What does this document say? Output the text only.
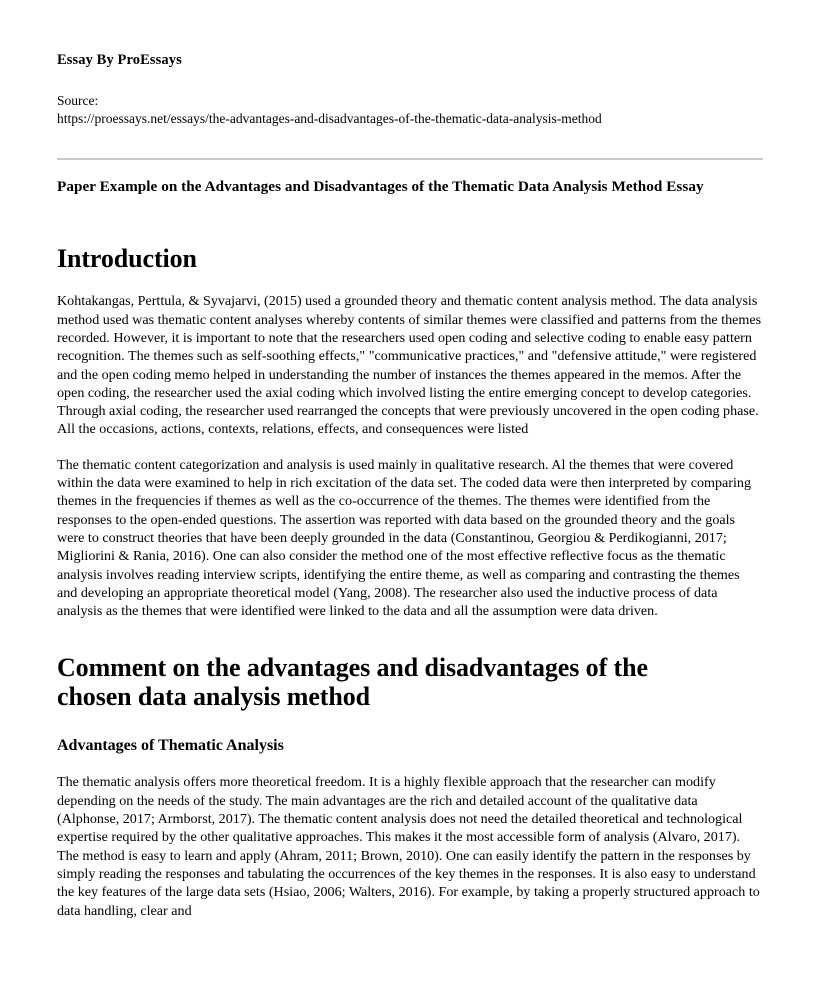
Essay By ProEssays
Source:
https://proessays.net/essays/the-advantages-and-disadvantages-of-the-thematic-data-analysis-method
Paper Example on the Advantages and Disadvantages of the Thematic Data Analysis Method Essay
Introduction

Kohtakangas, Perttula, & Syvajarvi, (2015) used a grounded theory and thematic content analysis method. The data analysis method used was thematic content analyses whereby contents of similar themes were classified and patterns from the themes recorded. However, it is important to note that the researchers used open coding and selective coding to enable easy pattern recognition. The themes such as self-soothing effects," "communicative practices," and "defensive attitude," were registered and the open coding memo helped in understanding the number of instances the themes appeared in the memos. After the open coding, the researcher used the axial coding which involved listing the entire emerging concept to develop categories. Through axial coding, the researcher used rearranged the concepts that were previously uncovered in the open coding phase. All the occasions, actions, contexts, relations, effects, and consequences were listed

The thematic content categorization and analysis is used mainly in qualitative research. Al the themes that were covered within the data were examined to help in rich excitation of the data set. The coded data were then interpreted by comparing themes in the frequencies if themes as well as the co-occurrence of the themes. The themes were identified from the responses to the open-ended questions. The assertion was reported with data based on the grounded theory and the goals were to construct theories that have been deeply grounded in the data (Constantinou, Georgiou & Perdikogianni, 2017; Migliorini & Rania, 2016). One can also consider the method one of the most effective reflective focus as the thematic analysis involves reading interview scripts, identifying the entire theme, as well as comparing and contrasting the themes and developing an appropriate theoretical model (Yang, 2008). The researcher also used the inductive process of data analysis as the themes that were identified were linked to the data and all the assumption were data driven.

Comment on the advantages and disadvantages of the chosen data analysis method
Advantages of Thematic Analysis

The thematic analysis offers more theoretical freedom. It is a highly flexible approach that the researcher can modify depending on the needs of the study. The main advantages are the rich and detailed account of the qualitative data (Alphonse, 2017; Armborst, 2017). The thematic content analysis does not need the detailed theoretical and technological expertise required by the other qualitative approaches. This makes it the most accessible form of analysis (Alvaro, 2017). The method is easy to learn and apply (Ahram, 2011; Brown, 2010). One can easily identify the pattern in the responses by simply reading the responses and tabulating the occurrences of the key themes in the responses. It is also easy to understand the key features of the large data sets (Hsiao, 2006; Walters, 2016). For example, by taking a properly structured approach to data handling, clear and
